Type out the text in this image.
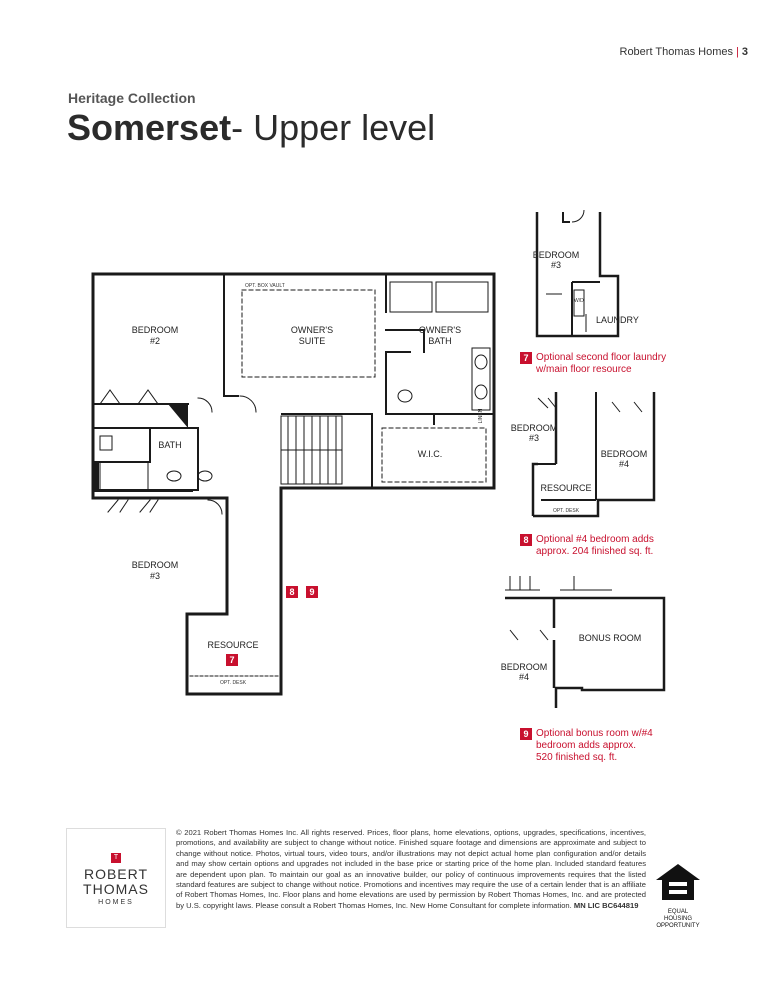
Robert Thomas Homes | 3
Heritage Collection
Somerset- Upper level
OPT. BOX VAULT
BEDROOM
#2
OWNER'S
SUITE
OWNER'S
BATH
BATH
W.I.C.
LINEN
BEDROOM
#3
RESOURCE
OPT. DESK
7
8 9
BEDROOM
#3
W/D
LAUNDRY
BEDROOM
#3
BEDROOM
#4
RESOURCE
OPT. DESK
BONUS ROOM
BEDROOM
#4
7 Optional second floor laundry
w/main floor resource
8 Optional #4 bedroom adds
approx. 204 finished sq. ft.
9 Optional bonus room w/#4
bedroom adds approx.
520 finished sq. ft.
T
ROBERT
THOMAS
HOMES
© 2021 Robert Thomas Homes Inc. All rights reserved. Prices, floor plans, home elevations, options, upgrades, specifications, incentives, promotions, and availability are subject to change without notice. Finished square footage and dimensions are approximate and subject to change without notice. Photos, virtual tours, video tours, and/or illustrations may not depict actual home plan configuration and/or details and may show certain options and upgrades not included in the base price or starting price of the home plan. Included standard features are dependent upon plan. To maintain our goal as an innovative builder, our policy of continuous improvements requires that the listed standard features are subject to change without notice. Promotions and incentives may require the use of a certain lender that is an affiliate of Robert Thomas Homes, Inc. Floor plans and home elevations are used by permission by Robert Thomas Homes, Inc. and are protected by U.S. copyright laws. Please consult a Robert Thomas Homes, Inc. New Home Consultant for complete information. MN LIC BC644819
EQUAL HOUSING
OPPORTUNITY
